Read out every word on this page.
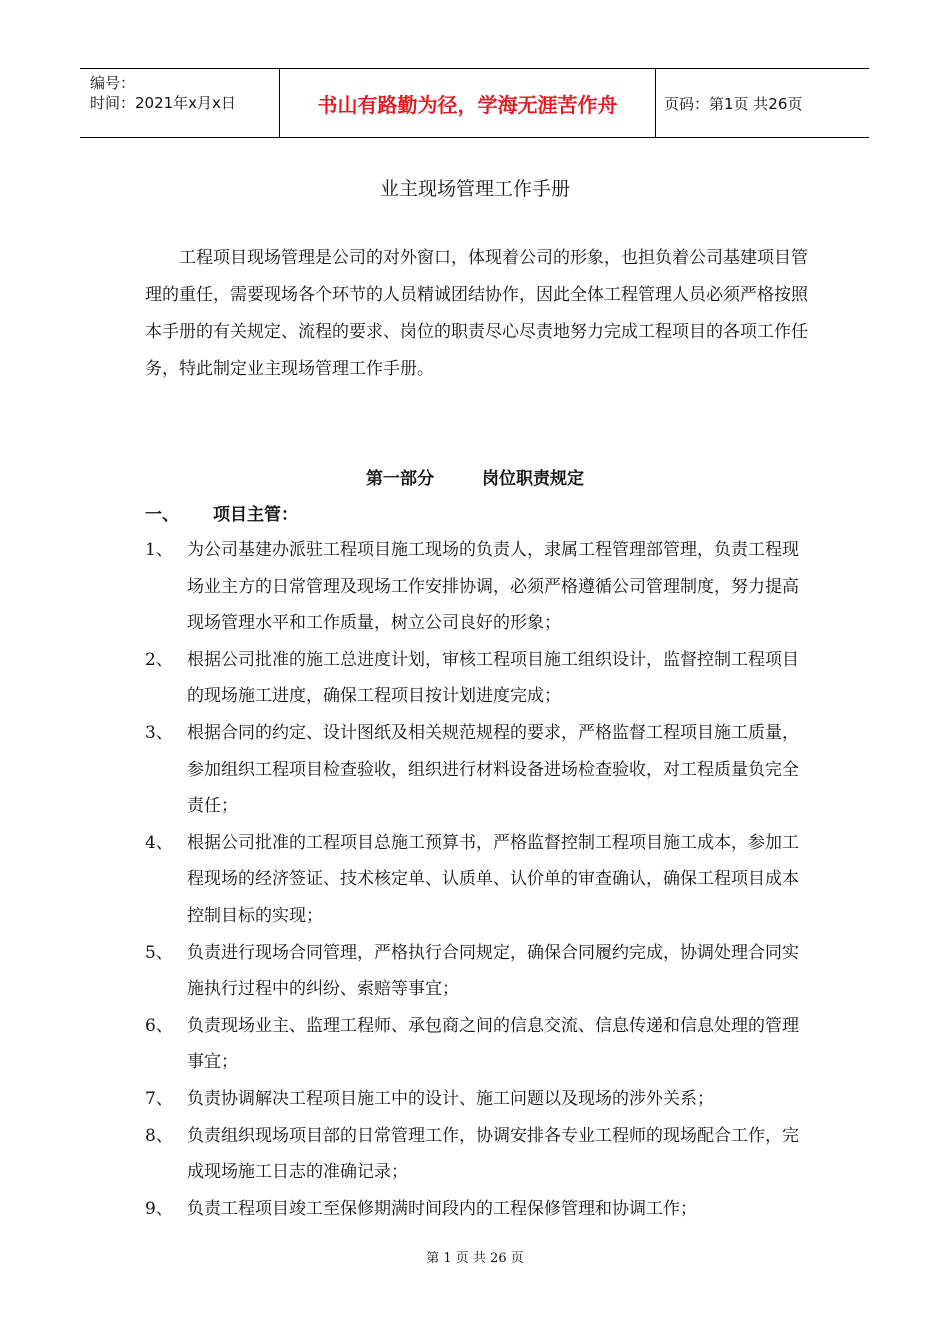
编号：
时间：2021年x月x日	书山有路勤为径，学海无涯苦作舟	页码：第1页 共26页
业主现场管理工作手册

工程项目现场管理是公司的对外窗口，体现着公司的形象，也担负着公司基建项目管理的重任，需要现场各个环节的人员精诚团结协作，因此全体工程管理人员必须严格按照本手册的有关规定、流程的要求、岗位的职责尽心尽责地努力完成工程项目的各项工作任务，特此制定业主现场管理工作手册。

第一部分	岗位职责规定
一、 项目主管：
1、 为公司基建办派驻工程项目施工现场的负责人，隶属工程管理部管理，负责工程现场业主方的日常管理及现场工作安排协调，必须严格遵循公司管理制度，努力提高现场管理水平和工作质量，树立公司良好的形象；
2、 根据公司批准的施工总进度计划，审核工程项目施工组织设计，监督控制工程项目的现场施工进度，确保工程项目按计划进度完成；
3、 根据合同的约定、设计图纸及相关规范规程的要求，严格监督工程项目施工质量，参加组织工程项目检查验收，组织进行材料设备进场检查验收，对工程质量负完全责任；
4、 根据公司批准的工程项目总施工预算书，严格监督控制工程项目施工成本，参加工程现场的经济签证、技术核定单、认质单、认价单的审查确认，确保工程项目成本控制目标的实现；
5、 负责进行现场合同管理，严格执行合同规定，确保合同履约完成，协调处理合同实施执行过程中的纠纷、索赔等事宜；
6、 负责现场业主、监理工程师、承包商之间的信息交流、信息传递和信息处理的管理事宜；
7、 负责协调解决工程项目施工中的设计、施工问题以及现场的涉外关系；
8、 负责组织现场项目部的日常管理工作，协调安排各专业工程师的现场配合工作，完成现场施工日志的准确记录；
9、 负责工程项目竣工至保修期满时间段内的工程保修管理和协调工作；
第 1 页 共 26 页
